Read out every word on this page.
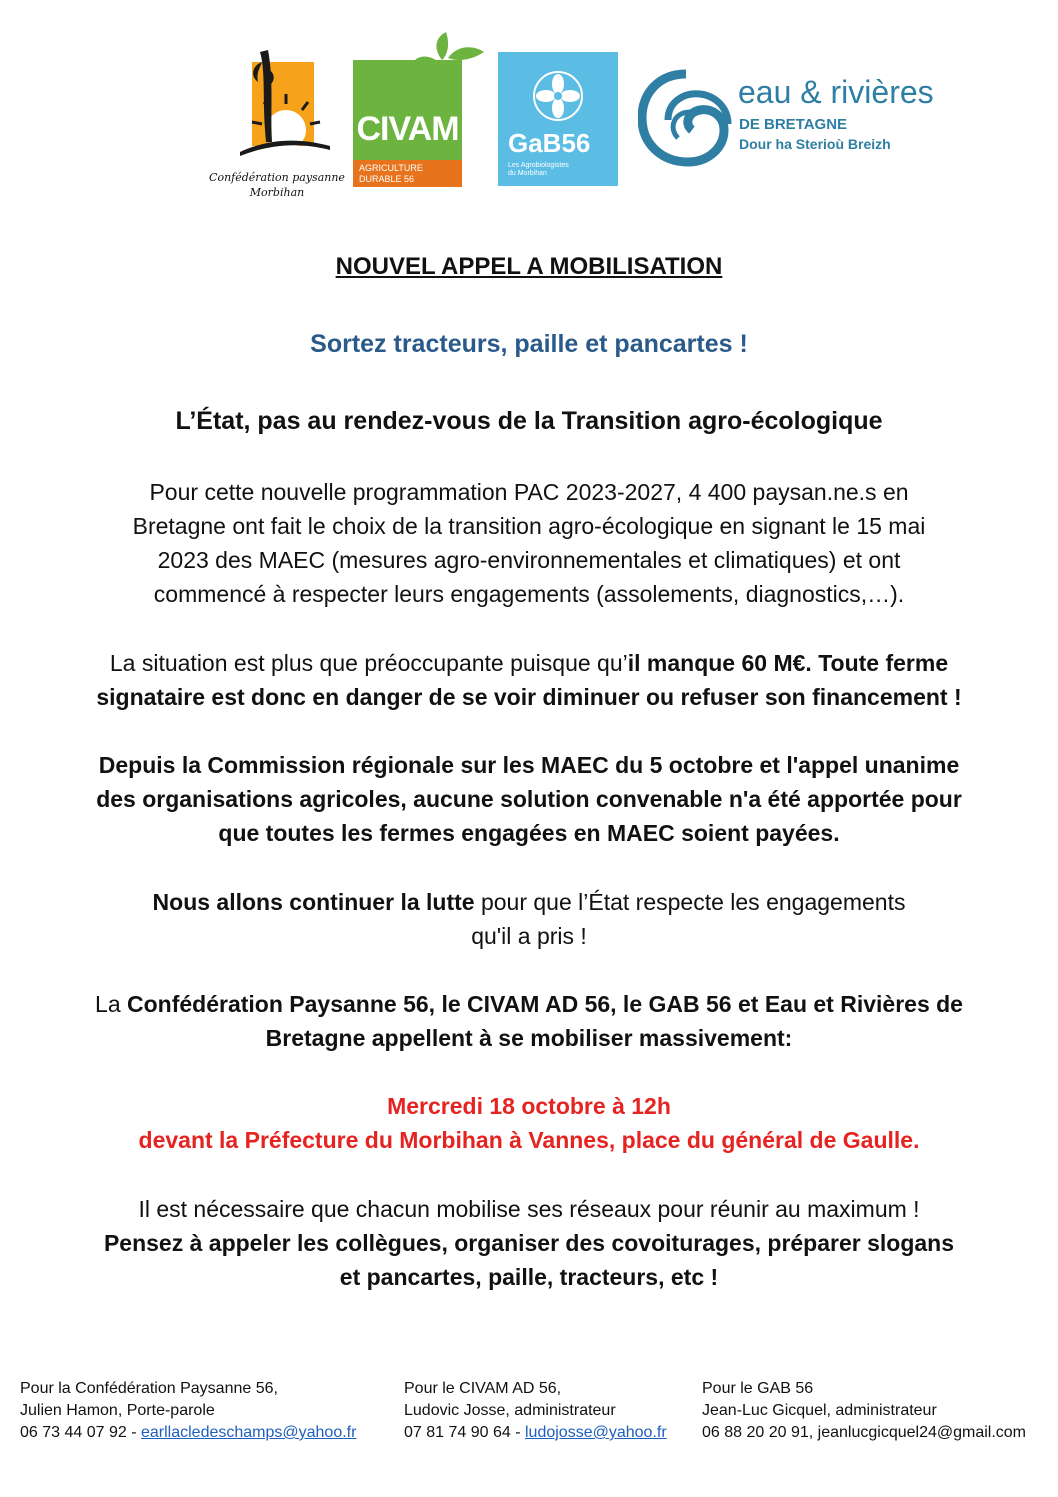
Confédération paysanne
Morbihan
CIVAM
AGRICULTURE
DURABLE 56
GaB56
Les Agrobiologistes
du Morbihan
eau & rivières
DE BRETAGNE
Dour ha Sterioù Breizh
NOUVEL APPEL A MOBILISATION
Sortez tracteurs, paille et pancartes !
L’État, pas au rendez-vous de la Transition agro-écologique
Pour cette nouvelle programmation PAC 2023-2027, 4 400 paysan.ne.s en
Bretagne ont fait le choix de la transition agro-écologique en signant le 15 mai
2023 des MAEC (mesures agro-environnementales et climatiques) et ont
commencé à respecter leurs engagements (assolements, diagnostics,…).
La situation est plus que préoccupante puisque qu’il manque 60 M€. Toute ferme
signataire est donc en danger de se voir diminuer ou refuser son financement !
Depuis la Commission régionale sur les MAEC du 5 octobre et l'appel unanime
des organisations agricoles, aucune solution convenable n'a été apportée pour
que toutes les fermes engagées en MAEC soient payées.
Nous allons continuer la lutte pour que l’État respecte les engagements
qu'il a pris !
La Confédération Paysanne 56, le CIVAM AD 56, le GAB 56 et Eau et Rivières de
Bretagne appellent à se mobiliser massivement:
Mercredi 18 octobre à 12h
devant la Préfecture du Morbihan à Vannes, place du général de Gaulle.
Il est nécessaire que chacun mobilise ses réseaux pour réunir au maximum !
Pensez à appeler les collègues, organiser des covoiturages, préparer slogans
et pancartes, paille, tracteurs, etc !
Pour la Confédération Paysanne 56,
Julien Hamon, Porte-parole
06 73 44 07 92 - earllacledeschamps@yahoo.fr
Pour le CIVAM AD 56,
Ludovic Josse, administrateur
07 81 74 90 64 - ludojosse@yahoo.fr
Pour le GAB 56
Jean-Luc Gicquel, administrateur
06 88 20 20 91, jeanlucgicquel24@gmail.com
